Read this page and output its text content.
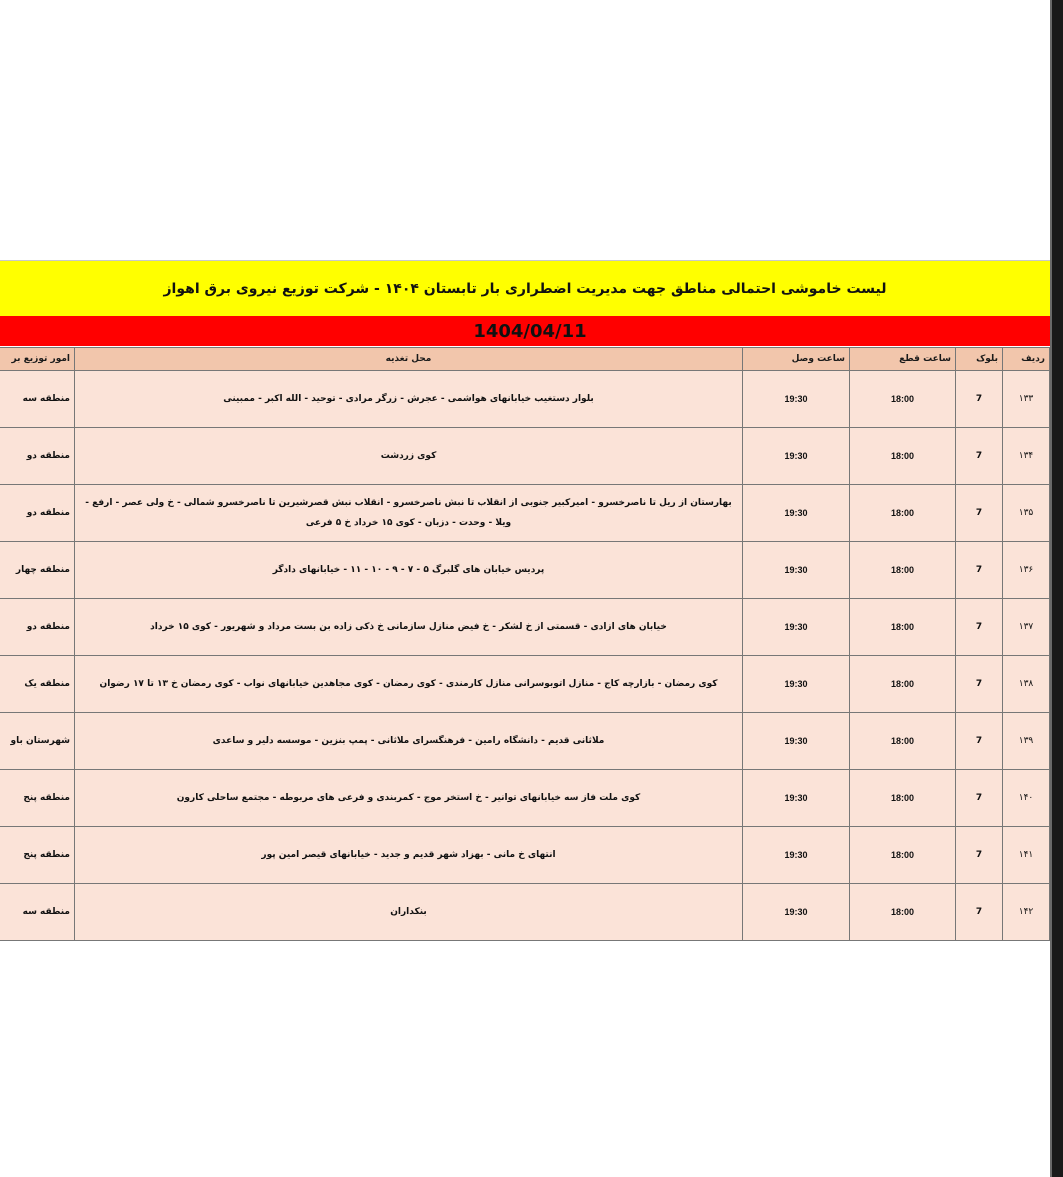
لیست خاموشی احتمالی مناطق جهت مدیریت اضطراری بار تابستان ۱۴۰۴ - شرکت توزیع نیروی برق اهواز
1404/04/11
ردیف	بلوک	ساعت قطع	ساعت وصل	محل تغذیه	امور توزیع بر
۱۳۳	7	18:00	19:30	بلوار دستغیب خیابانهای هواشمی - عجرش - زرگر مرادی - توحید - الله اکبر - ممبینی	منطقه سه
۱۳۴	7	18:00	19:30	کوی زردشت	منطقه دو
۱۳۵	7	18:00	19:30	بهارستان از ریل تا ناصرخسرو - امیرکبیر جنوبی از انقلاب تا نبش ناصرخسرو - انقلاب نبش قصرشیرین تا ناصرخسرو شمالی - خ ولی عصر - ارفع - ویلا - وحدت - دزبان - کوی ۱۵ خرداد خ ۵ فرعی	منطقه دو
۱۳۶	7	18:00	19:30	پردیس خیابان های گلبرگ ۵ - ۷ - ۹ - ۱۰ - ۱۱ - خیابانهای دادگر	منطقه چهار
۱۳۷	7	18:00	19:30	خیابان های ازادی - قسمتی از خ لشکر - خ فیض منازل سازمانی خ ذکی زاده بن بست مرداد و شهریور - کوی ۱۵ خرداد	منطقه دو
۱۳۸	7	18:00	19:30	کوی رمضان - بازارچه کاج - منازل اتوبوسرانی منازل کارمندی - کوی رمضان - کوی مجاهدین خیابانهای نواب - کوی رمضان خ ۱۳ تا ۱۷ رضوان	منطقه یک
۱۳۹	7	18:00	19:30	ملاثانی قدیم - دانشگاه رامین - فرهنگسرای ملاثانی - پمپ بنزین - موسسه دلیر و ساعدی	شهرستان باو
۱۴۰	7	18:00	19:30	کوی ملت فاز سه خیابانهای توانیر - خ استخر موج - کمربندی و فرعی های مربوطه - مجتمع ساحلی کارون	منطقه پنج
۱۴۱	7	18:00	19:30	انتهای خ مانی - بهزاد شهر قدیم و جدید - خیابانهای قیصر امین پور	منطقه پنج
۱۴۲	7	18:00	19:30	بنکداران	منطقه سه
